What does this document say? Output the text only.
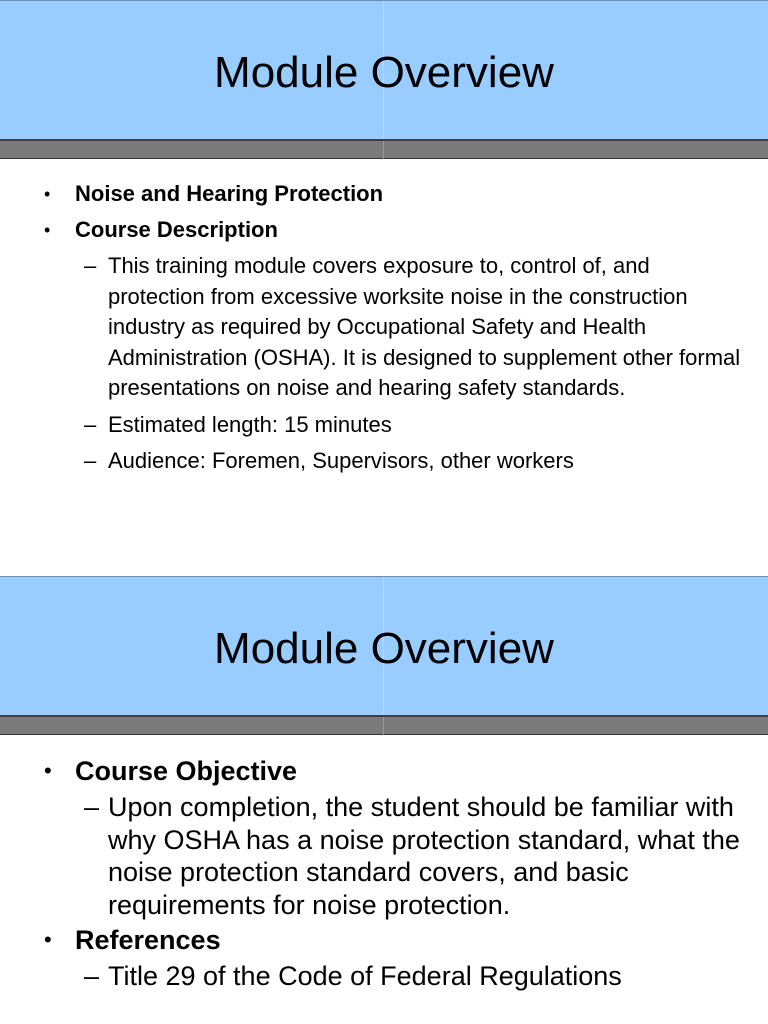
Module Overview
• Noise and Hearing Protection
• Course Description
– This training module covers exposure to, control of, and protection from excessive worksite noise in the construction industry as required by Occupational Safety and Health Administration (OSHA). It is designed to supplement other formal presentations on noise and hearing safety standards.
– Estimated length: 15 minutes
– Audience: Foremen, Supervisors, other workers
Module Overview
• Course Objective
– Upon completion, the student should be familiar with why OSHA has a noise protection standard, what the noise protection standard covers, and basic requirements for noise protection.
• References
– Title 29 of the Code of Federal Regulations
